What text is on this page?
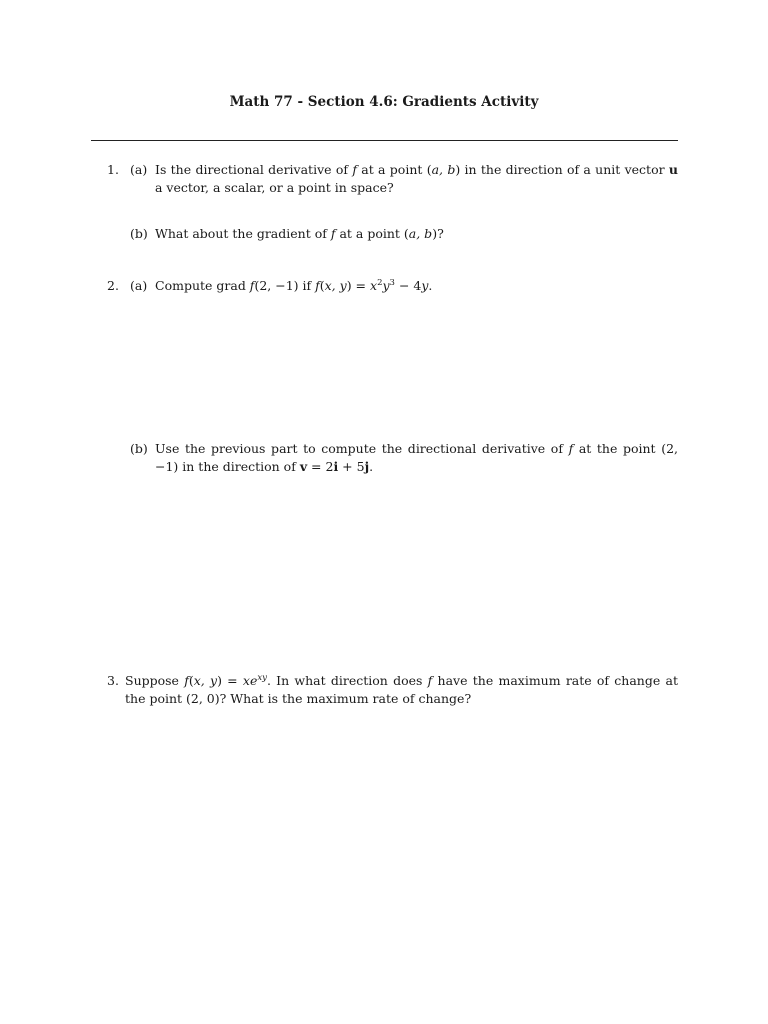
Math 77 - Section 4.6: Gradients Activity
1. (a) Is the directional derivative of f at a point (a, b) in the direction of a unit vector u a vector, a scalar, or a point in space?
(b) What about the gradient of f at a point (a, b)?
2. (a) Compute grad f(2, −1) if f(x, $y) = x^2y^3 - 4y$.
(b) Use the previous part to compute the directional derivative of f at the point (2, −1) in the direction of v = 2i + 5j.
3. Suppose f(x, $y) = xe^{xy}$. In what direction does f have the maximum rate of change at the point (2, 0)? What is the maximum rate of change?
